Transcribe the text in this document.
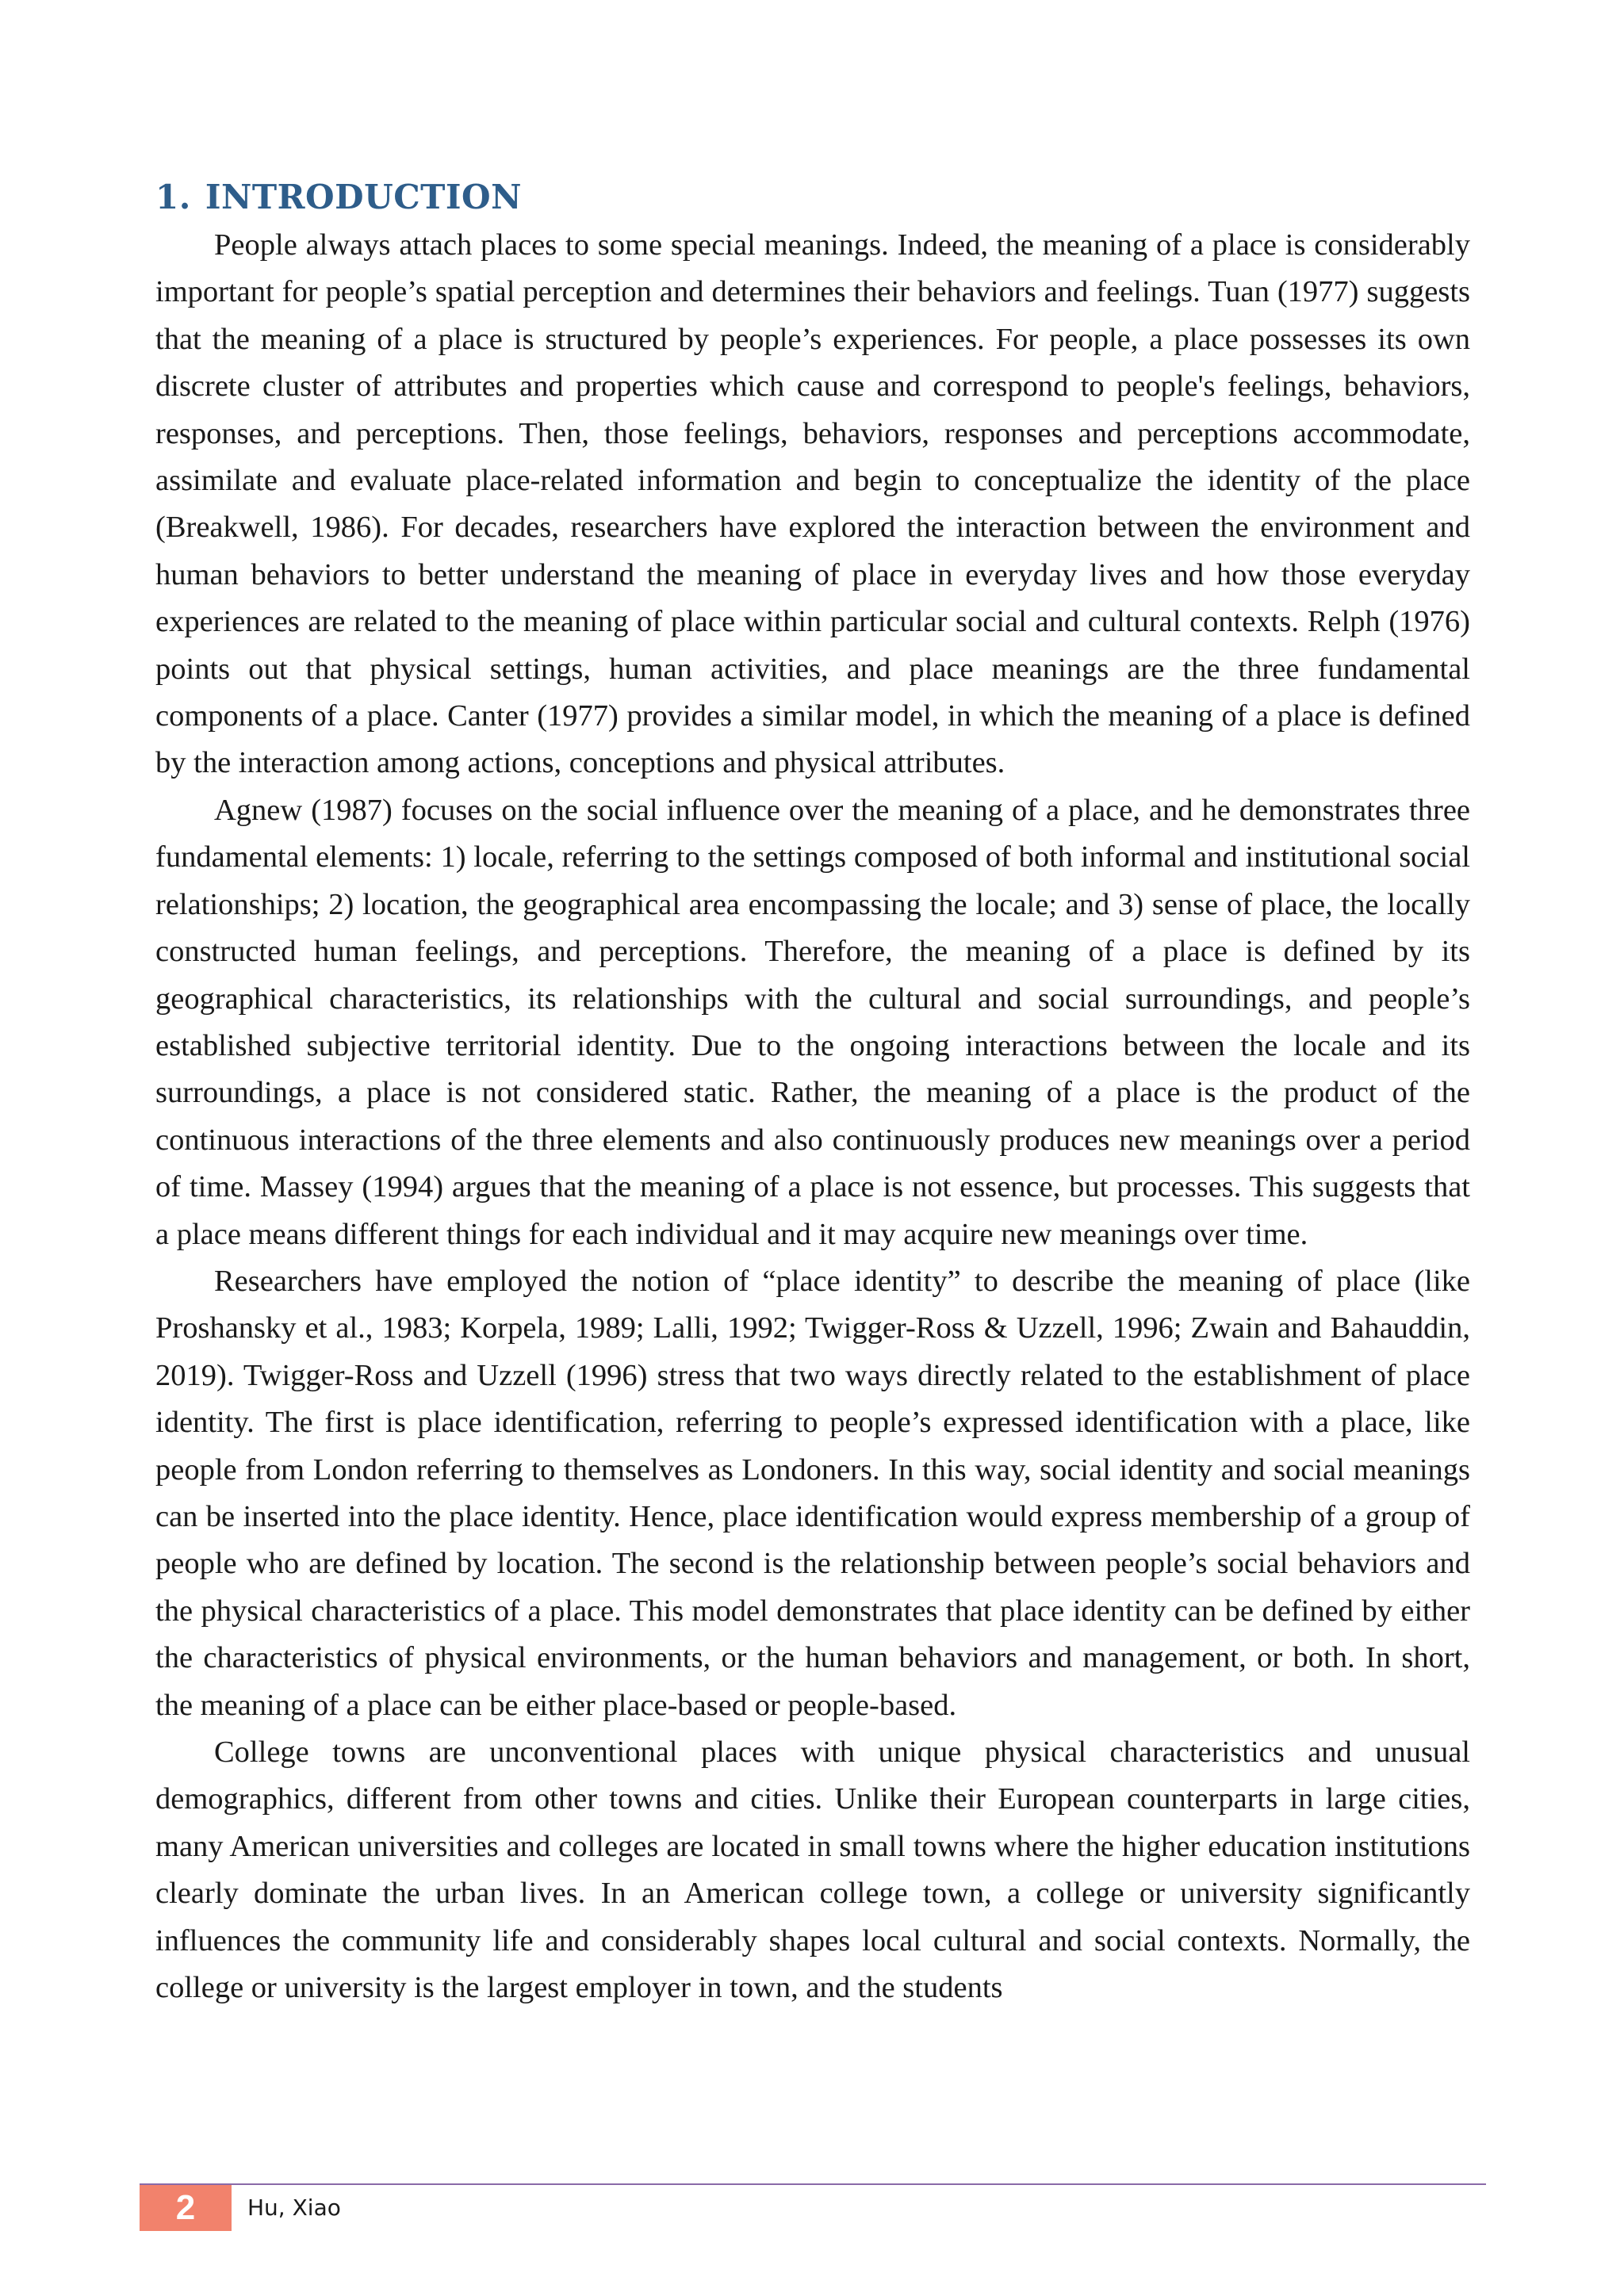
1. INTRODUCTION

People always attach places to some special meanings. Indeed, the meaning of a place is considerably important for people’s spatial perception and determines their behaviors and feelings. Tuan (1977) suggests that the meaning of a place is structured by people’s experiences. For people, a place possesses its own discrete cluster of attributes and properties which cause and correspond to people's feelings, behaviors, responses, and perceptions. Then, those feelings, behaviors, responses and perceptions accommodate, assimilate and evaluate place-related information and begin to conceptualize the identity of the place (Breakwell, 1986). For decades, researchers have explored the interaction between the environment and human behaviors to better understand the meaning of place in everyday lives and how those everyday experiences are related to the meaning of place within particular social and cultural contexts. Relph (1976) points out that physical settings, human activities, and place meanings are the three fundamental components of a place. Canter (1977) provides a similar model, in which the meaning of a place is defined by the interaction among actions, conceptions and physical attributes.

Agnew (1987) focuses on the social influence over the meaning of a place, and he demonstrates three fundamental elements: 1) locale, referring to the settings composed of both informal and institutional social relationships; 2) location, the geographical area encompassing the locale; and 3) sense of place, the locally constructed human feelings, and perceptions. Therefore, the meaning of a place is defined by its geographical characteristics, its relationships with the cultural and social surroundings, and people’s established subjective territorial identity. Due to the ongoing interactions between the locale and its surroundings, a place is not considered static. Rather, the meaning of a place is the product of the continuous interactions of the three elements and also continuously produces new meanings over a period of time. Massey (1994) argues that the meaning of a place is not essence, but processes. This suggests that a place means different things for each individual and it may acquire new meanings over time.

Researchers have employed the notion of “place identity” to describe the meaning of place (like Proshansky et al., 1983; Korpela, 1989; Lalli, 1992; Twigger-Ross & Uzzell, 1996; Zwain and Bahauddin, 2019). Twigger-Ross and Uzzell (1996) stress that two ways directly related to the establishment of place identity. The first is place identification, referring to people’s expressed identification with a place, like people from London referring to themselves as Londoners. In this way, social identity and social meanings can be inserted into the place identity. Hence, place identification would express membership of a group of people who are defined by location. The second is the relationship between people’s social behaviors and the physical characteristics of a place. This model demonstrates that place identity can be defined by either the characteristics of physical environments, or the human behaviors and management, or both. In short, the meaning of a place can be either place-based or people-based.

College towns are unconventional places with unique physical characteristics and unusual demographics, different from other towns and cities. Unlike their European counterparts in large cities, many American universities and colleges are located in small towns where the higher education institutions clearly dominate the urban lives. In an American college town, a college or university significantly influences the community life and considerably shapes local cultural and social contexts. Normally, the college or university is the largest employer in town, and the students

2	Hu, Xiao
